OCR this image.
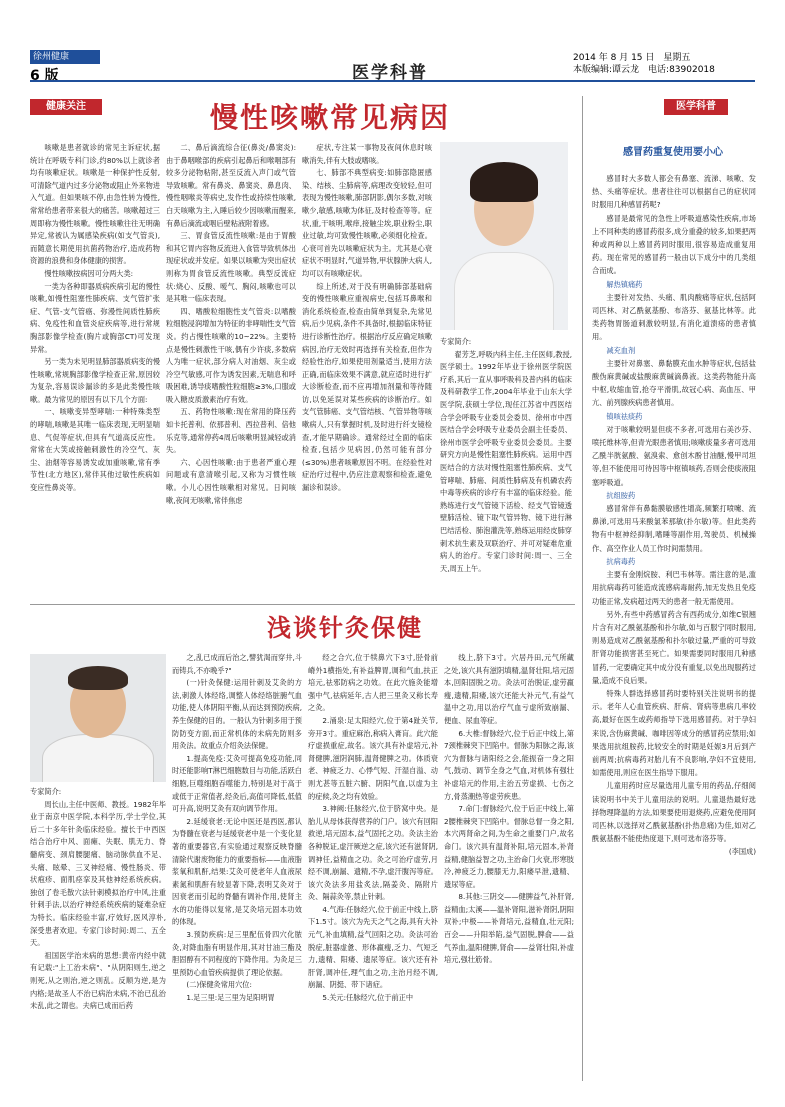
徐州健康
6 版	医学科普
2014 年 8 月 15 日　星期五
本版编辑:谭云龙　电话:83902018
健康关注	医学科普
慢性咳嗽常见病因

咳嗽是患者就诊的常见主诉症状,据统计在呼吸专科门诊,约80%以上就诊者均有咳嗽症状。咳嗽是一种保护性反射,可清除气道内过多分泌物或阻止外来物进入气道。但如果咳不停,由急性转为慢性,常常给患者带来很大的痛苦。咳嗽超过三周即称为慢性咳嗽。慢性咳嗽往往无明确异定,常被认为属感染疾病(如支气管炎),而随意长期使用抗菌药物治疗,造成药物资源的浪费和身体健康的损害。

慢性咳嗽按病因可分两大类:

一类为各种即器质病疾病引起的慢性咳嗽,如慢性阻塞性肺疾病、支气管扩张症、气管-支气管癌、弥漫性间质性肺疾病、免疫性和血管炎症疾病等,进行常规胸部影像学检查(胸片或胸部CT)可发现异常。

另一类为未见明显肺部器质病变的慢性咳嗽,常规胸部影像学检查正常,原因较为复杂,容易误诊漏诊的多是此类慢性咳嗽。最为常见的原因有以下几个方面:

一、咳嗽变异型哮喘:一种特殊类型的哮喘,咳嗽是其唯一临床表现,无明显喘息、气促等症状,但具有气道高反应性。常常在大笑或接触刺激性的冷空气、灰尘、油烟等容易诱发或加重咳嗽,常有季节性(北方地区),常伴其他过敏性疾病如变应性鼻炎等。

二、鼻后滴流综合征(鼻炎/鼻窦炎):由于鼻咽喉部的疾病引起鼻后和喉咽部有较多分泌物粘附,甚至反流入声门或气管导致咳嗽。常有鼻炎、鼻窦炎、鼻息肉、慢性咽喉炎等病史,发作性或持续性咳嗽,白天咳嗽为主,入睡后较少因咳嗽而醒来,有鼻后滴流或咽后壁粘液附着感。

三、胃食管反流性咳嗽:是由于胃酸和其它胃内容物反流进入食管导致机体出现症状或并发症。如果以咳嗽为突出症状则称为胃食管反流性咳嗽。典型反流症状:烧心、反酸、嗳气、胸闷,咳嗽也可以是其唯一临床表现。

四、嗜酸粒细胞性支气管炎:以嗜酸粒细胞浸润增加为特征的非哮喘性支气管炎。约占慢性咳嗽的10~22%。主要特点是慢性刺激性干咳,偶有少许痰,多数病人为唯一症状,部分病人对油烟、灰尘或冷空气敏感,可作为诱发因素,无喘息和呼吸困难,诱导痰嗜酸性粒细胞≥3%,口服或吸入糖皮质激素治疗有效。

五、药物性咳嗽:现在常用的降压药如卡托普利、依那普利、西拉普利、倍他乐克等,通常停药4周后咳嗽明显减轻或消失。

六、心因性咳嗽:由于患者严重心理问题或有意清喉引起,又称为习惯性咳嗽。小儿心因性咳嗽相对常见。日间咳嗽,夜间无咳嗽,常伴焦虑

症状,专注某一事物及夜间休息时咳嗽消失,伴有大肢或嗜咳。

七、肺部不典型病变:如肺部隐匿感染、结核、尘肺病等,病理改变较轻,但可表现为慢性咳嗽,肺部阴影,偶尔多数,对咳嗽少,敏感,咳嗽为体征,及时检查等等。症状,重,干咳明,喉痒,接触尘埃,职业粉尘,职业过敏,均可致慢性咳嗽,必须细化检查。心衰可首先以咳嗽症状为主。尤其是心衰症状不明显时,气道异物,甲状腺肿大病人,均可以有咳嗽症状。

综上所述,对于没有明确肺部基础病变的慢性咳嗽应重视病史,包括耳鼻喉和消化系统检查,检查由简单到复杂,先常见病,后少见病,条件不具备时,根据临床特征进行诊断性治疗。根据治疗反应确定咳嗽病因,治疗无效时再选择有关检查,但作为经验性治疗,如果使用剂量适当,使用方法正确,而临床效果不满意,就应适时进行扩大诊断检查,而不应再增加剂量和等待随访,以免延误对某些疾病的诊断治疗。如支气管肺癌、支气管结核、气管异物等咳嗽病人,只有掌握时机,及时进行纤支镜检查,才能早期确诊。通常经过全面的临床检查,包括少见病因,仍然可能有部分(≤30%)患者咳嗽原因不明。在经验性对症治疗过程中,仍应注意观察和检查,避免漏诊和误诊。

专家简介:

翟芳芝,呼吸内科主任,主任医师,教授,医学硕士。1992年毕业于徐州医学院医疗系,其后一直从事呼吸科及普内科的临床及科研教学工作,2004年毕业于山东大学医学院,获硕士学位,现任江苏省中西医结合学会呼吸专业委员会委员、徐州市中西医结合学会呼吸专业委员会副主任委员、徐州市医学会呼吸专业委员会委员。主要研究方向是慢性阻塞性肺疾病。运用中西医结合的方法对慢性阻塞性肺疾病、支气管哮喘、肺癌、间质性肺病及有机磷农药中毒等疾病的诊疗有丰富的临床经验。能熟练进行支气管镜下活检、经支气管镜透壁肺活检、镜下取气管异物、镜下进行淋巴结活检、肺泡灌洗等,熟练运用经皮肺穿刺术抗生素及双联治疗、并可对疑难危重病人的治疗。专家门诊时间:周一、三全天,周五上午。

浅谈针灸保健
专家简介:

周长山,主任中医师、教授。1982年毕业于南京中医学院,本科学历,学士学位,其后二十多年针灸临床经验。擅长于中西医结合治疗中风、面瘫、失眠、肌无力、脊髓病变、颈肩腰腿痛、脑动脉供血不足、头痛、眩晕、三叉神经痛、慢性肠炎、带状疱疹、面肌痉挛及其他神经系统疾病。独创了卷毛散穴法针刺模拟治疗中风,注重针刺手法,以治疗神经系统疾病的疑难杂症为特长。临床经验丰富,疗效好,医风淳朴,深受患者欢迎。专家门诊时间:周二、五全天。

祖国医学治未病的思想:黄帝内经中就有记载:"上工治未病"、"从阴阳则生,逆之则死,从之则治,逆之则乱。反顺为逆,是为内格;是故圣人不治已病治未病,不治已乱治未乱,此之谓也。夫病已成而后药

之,乱已成而后治之,譬犹渴而穿井,斗而铸兵,不亦晚乎?"

(一)针灸保健:运用针刺及艾灸的方法,刺激人体经络,调整人体经络脏腑气血功能,使人体阴阳平衡,从而达到预防疾病,养生保健的目的。一般认为针刺多用于预防防变方面,而正常机体的未病先防则多用灸法。故重点介绍灸法保健。

1.提高免疫:艾灸可提高免疫功能,同时还能影响T淋巴细胞数目与功能,活跃白细胞,巨噬细胞吞噬能力,特别是对于高于或低于正常值者,经灸后,高值可降低,低值可升高,说明艾灸有双向调节作用。

2.延缓衰老:无论中医还是西医,都认为脊髓在衰老与延缓衰老中是一个变化显著的重要器官,有实验通过观察反映脊髓清除代谢废物能力的重要指标——血液脂浆氧和肌酐,结果:艾灸可使老年人血液尿素氮和肌酐有较显著下降,表明艾灸对于因衰老而引起的脊髓有调补作用,使肾主水的功能得以复常,是艾灸培元固本功效的体现。

3.预防疾病:足三里配伍骨四穴化脓灸,对降血脂有明显作用,其对甘油三酯及胆固醇有不同程度的下降作用。为灸足三里预防心血管疾病提供了理论依据。

(二)保健灸常用穴位:

1.足三里:足三里为足阳明胃

经之合穴,位于犊鼻穴下3寸,胫骨前嵴外1横指处,有补益脾胃,调和气血,扶正培元,祛邪防病之功效。在此穴施灸能增强中气,祛病延年,古人把三里灸又称长寿之灸。

2.涌泉:足太阳经穴,位于第4趾关节,旁开3寸。重症麻治,称病入膏肓。此穴能疗虚损重症,故名。该穴具有补虚培元,补肾健脾,滋阴润肺,温肾健脾之功。体质衰老、神疲乏力、心悸气短、汗湿自溢、动则尤甚等五脏六腑、阴阳气血,以虚为主的症候,灸之均有效验。

3.神阙:任脉经穴,位于脐窝中央。是胎儿从母体获得营养的门户。该穴有回阳救逆,培元固本,益气固托之功。灸法主治各种脱证,虚汗厥逆之症,该穴还有滋肾阴,调神任,益精血之功。灸之可治疗虚劳,月经不调,崩漏、遗精,不孕,虚汗腹泻等症。该穴灸法多用盐炙法,隔姜灸、隔附片灸、隔蒜灸等,禁止针刺。

4.气海:任脉经穴,位于前正中线上,脐下1.5寸。该穴为先天之气之海,具有大补元气,补血填精,益气回阳之功。灸法可治脱症,脏器虚惫、形体羸瘦,乏力、气短乏力,遗精、阳痿、遗尿等症。该穴还有补肝肾,调冲任,理气血之功,主治月经不调,崩漏、阴挺、带下诸症。

5.关元:任脉经穴,位于前正中

线上,脐下3寸。穴居丹田,元气所藏之处,该穴具有滋阴填精,温肾壮阳,培元固本,回阳固脱之功。灸法可治脱证,虚劳羸瘦,遗精,阳痿,该穴还能大补元气,有益气温中之功,用以治疗气血亏虚所致崩漏、便血、尿血等症。

6.大椎:督脉经穴,位于后正中线上,第7颈椎棘突下凹陷中。督脉为阳脉之海,该穴为督脉与诸阳经之会,能振奋一身之阳气,鼓动、调节全身之气血,对机体有强壮补虚培元的作用,主治五劳虚损、七伤之方,骨蒸潮热等虚劳疾患。

7.命门:督脉经穴,位于后正中线上,第2腰椎棘突下凹陷中。督脉总督一身之阳,本穴两肾命之间,为生命之重要门户,故名命门。该穴具有温肾补阳,培元固本,补肾益精,健脑益智之功,主治命门火衰,形寒肢冷,神疲乏力,腰膝无力,阳痿早泄,遗精、遗尿等症。

8.其他:三阴交——健脾益气,补肝肾,益精血;太溪——温补肾阳,滋补肾阴,阴阳双补;中极——补肾培元,益精血,壮元阳;百会——升阳举陷,益气固脱,脾俞——益气养血,温阳健脾,肾俞——益肾壮阳,补虚培元,强壮筋骨。

感冒药重复使用要小心

感冒时大多数人都会有鼻塞、流涕、咳嗽、发热、头痛等症状。患者往往可以根据自己的症状同时服用几种感冒药呢?

感冒是最常见的急性上呼吸道感染性疾病,市场上不同种类的感冒药很多,成分重叠的较多,如果把两种或两种以上感冒药同时服用,很容易造成重复用药。现在常见的感冒药一般由以下成分中的几类组合而成。

解热镇痛药

主要针对发热、头痛、肌肉酸痛等症状,包括阿司匹林、对乙酰氨基酚、布洛芬、氨基比林等。此类药物胃肠道刺激较明显,有消化道溃疡的患者慎用。

减充血剂

主要针对鼻塞、鼻黏膜充血水肿等症状,包括盐酸伪麻黄碱或盐酸麻黄碱滴鼻液。这类药物能升高中枢,收缩血管,抢夺平滑肌,故冠心病、高血压、甲亢、前列腺疾病患者慎用。

镇咳祛痰药

对于咳嗽较明显但痰不多者,可选用右美沙芬、喷托维林等,但青光眼患者慎用;咳嗽痰量多者可选用乙酰半胱氨酸、氨溴索、愈创木酚甘油醚,慢甲司坦等,但不能使用可待因等中枢镇咳药,否则会使痰液阻塞呼吸道。

抗组胺药

感冒常伴有鼻黏膜敏感性增高,频繁打喷嚏、流鼻涕,可选用马来酸氯苯那敏(扑尔敏)等。但此类药物有中枢神经抑制,嗜睡等副作用,驾驶员、机械操作、高空作业人员工作时间需禁用。

抗病毒药

主要有金刚烷胺、利巴韦林等。需注意的是,滥用抗病毒药可能造成流感病毒耐药,加无发热且免疫功能正常,发病超过两天的患者一般无需使用。

另外,有些中药感冒药含有西药成分,如维C银翘片含有对乙酰氨基酚和扑尔敏,如与百服宁同时服用,则易造成对乙酰氨基酚和扑尔敏过量,严重的可导致肝肾功能损害甚至死亡。如果需要同时服用几种感冒药,一定要确定其中成分没有重复,以免出现服药过量,造成不良后果。

特殊人群选择感冒药时要特别关注说明书的提示。老年人心血管疾病、肝病、肾病等患病几率较高,最好在医生或药师指导下选用感冒药。对于孕妇来说,含伪麻黄碱、咖啡因等成分的感冒药应禁用;如果选用抗组胺药,比较安全的时期是妊娠3月后到产前两周;抗病毒药对胎儿有不良影响,孕妇不宜使用,如需使用,则应在医生指导下服用。

儿童用药时应尽量选用儿童专用的药品,仔细阅读说明书中关于儿童用法的说明。儿童退热最好选择物理降温的方法,如果要使用退烧药,应避免使用阿司匹林,以选择对乙酰氨基酚(扑热息痛)为佳,如对乙酰氨基酚不能使热度退下,则可选布洛芬等。

(李国成)
